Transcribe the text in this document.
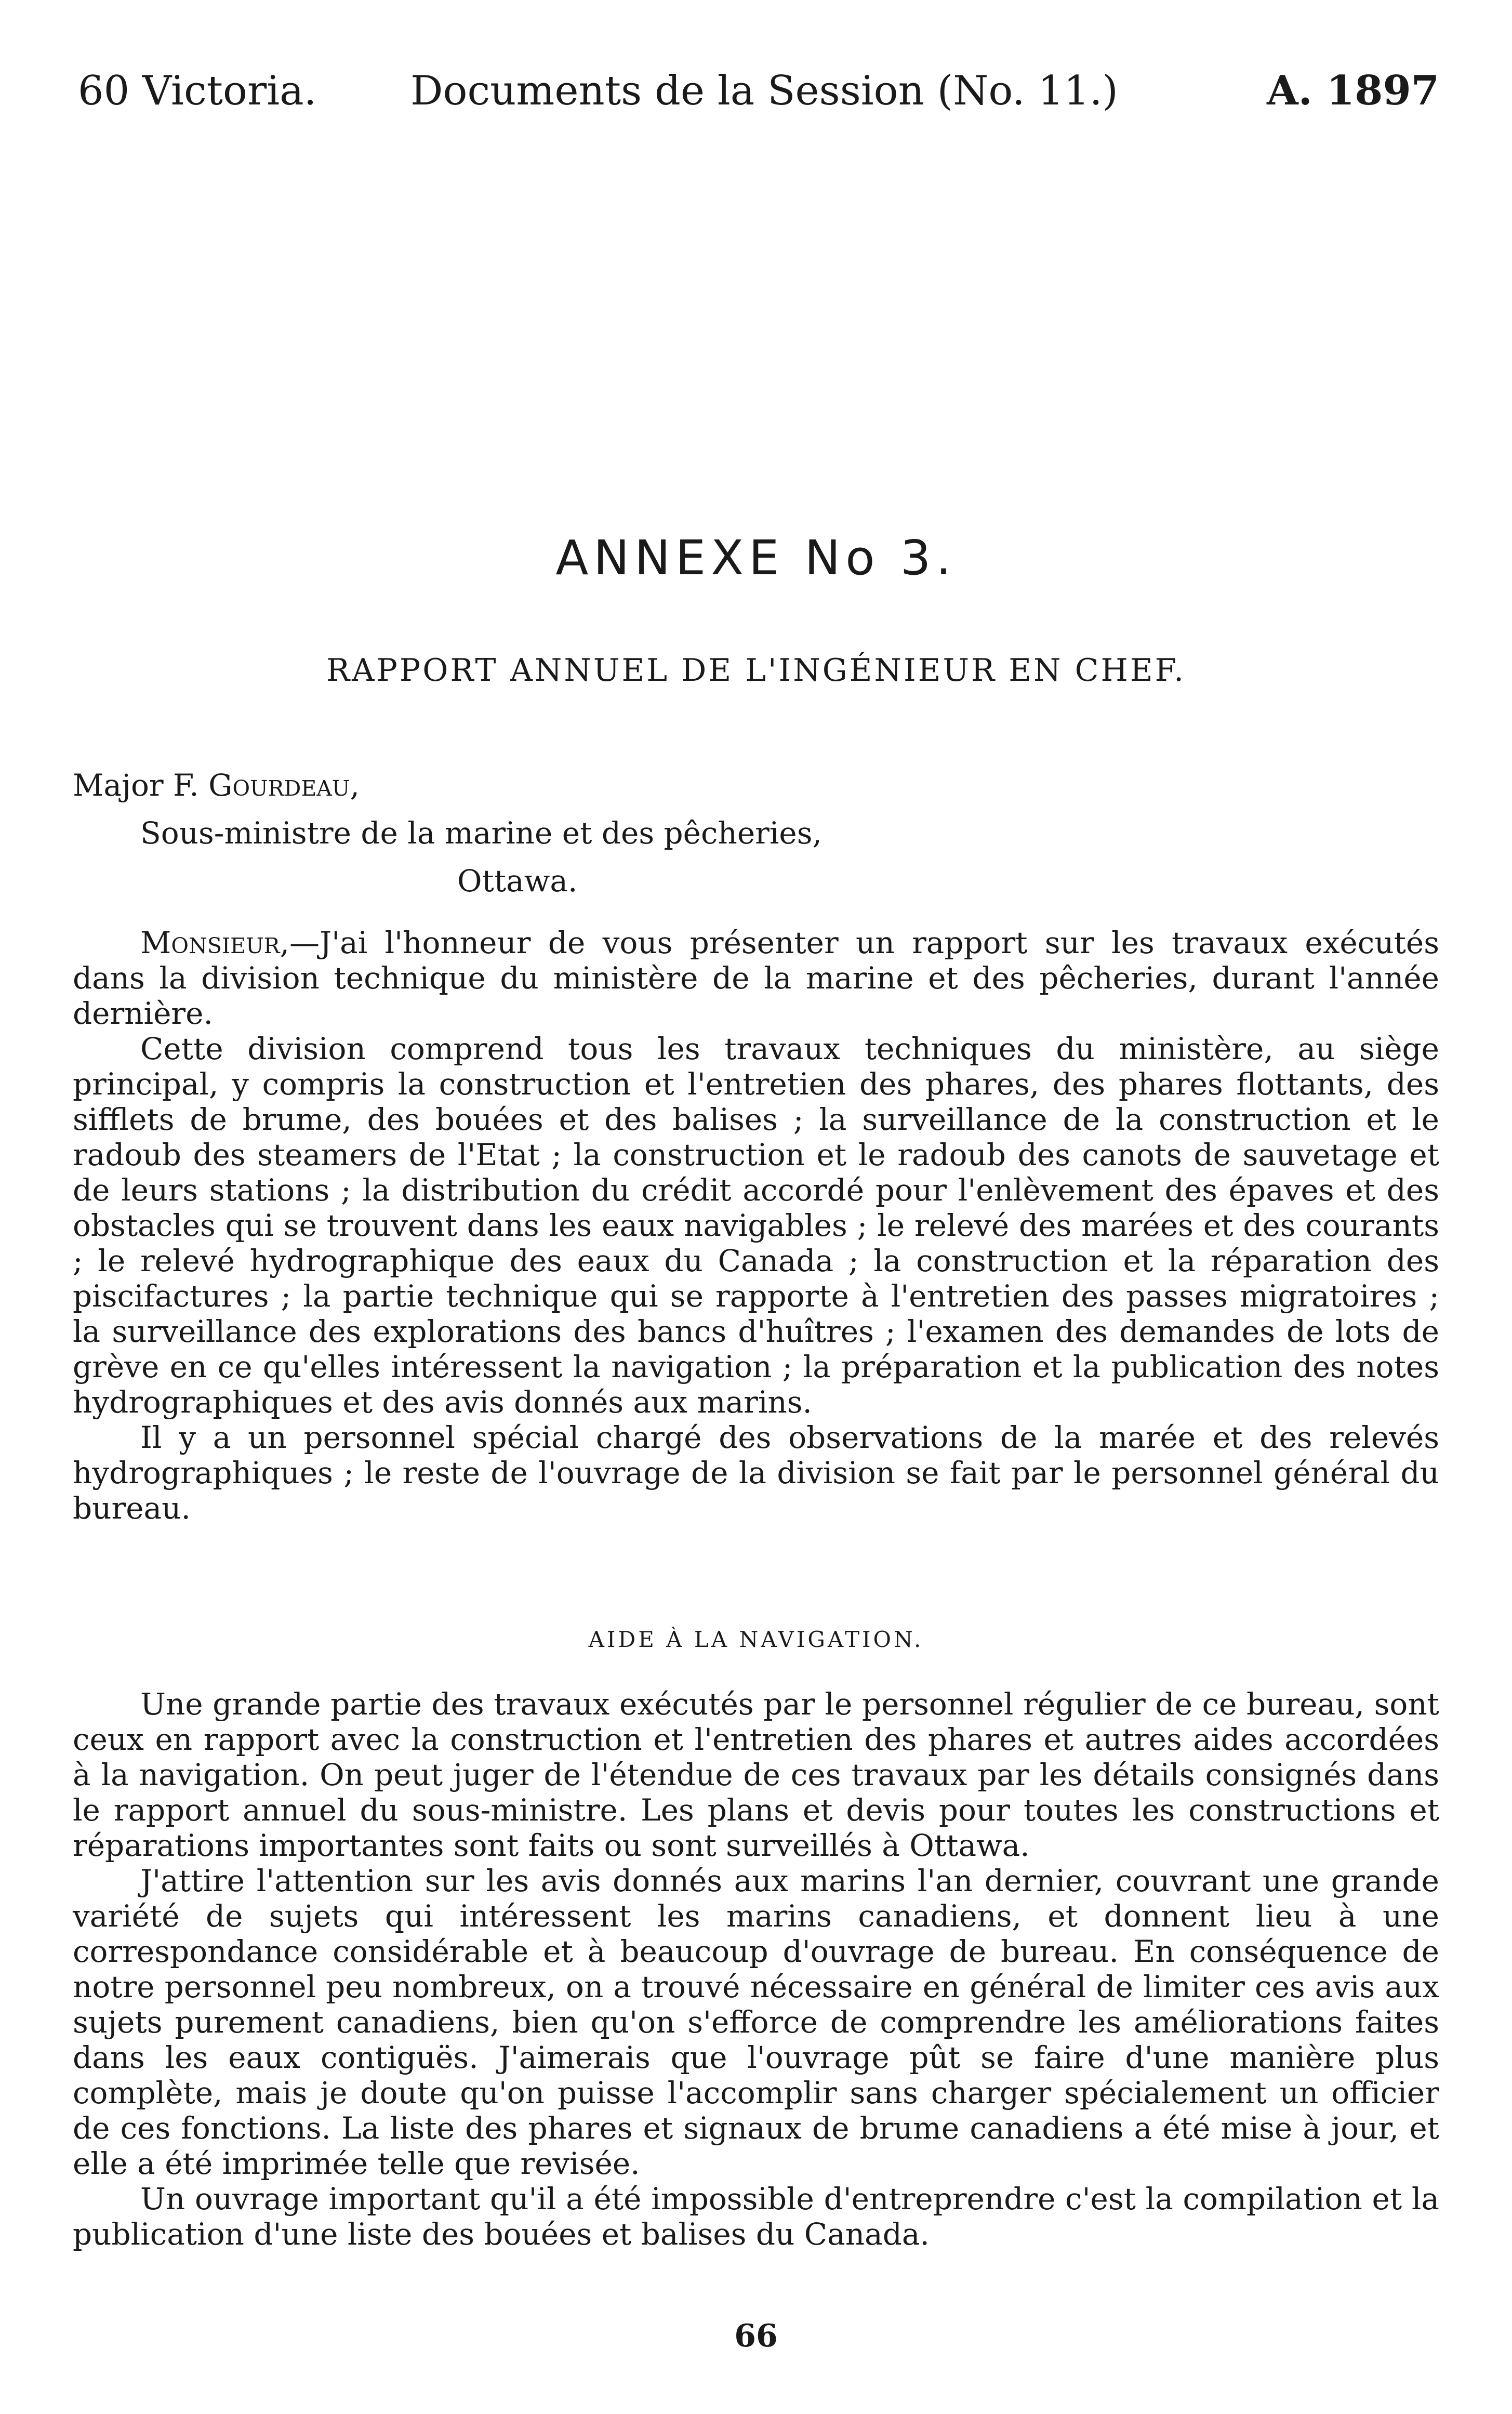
60 Victoria. Documents de la Session (No. 11.)	A. 1897
ANNEXE No 3.
RAPPORT ANNUEL DE L'INGÉNIEUR EN CHEF.
Major F. Gourdeau,
Sous-ministre de la marine et des pêcheries,
Ottawa.

Monsieur,—J'ai l'honneur de vous présenter un rapport sur les travaux exécutés dans la division technique du ministère de la marine et des pêcheries, durant l'année dernière.

Cette division comprend tous les travaux techniques du ministère, au siège principal, y compris la construction et l'entretien des phares, des phares flottants, des sifflets de brume, des bouées et des balises ; la surveillance de la construction et le radoub des steamers de l'Etat ; la construction et le radoub des canots de sauvetage et de leurs stations ; la distribution du crédit accordé pour l'enlèvement des épaves et des obstacles qui se trouvent dans les eaux navigables ; le relevé des marées et des courants ; le relevé hydrographique des eaux du Canada ; la construction et la réparation des piscifactures ; la partie technique qui se rapporte à l'entretien des passes migratoires ; la surveillance des explorations des bancs d'huîtres ; l'examen des demandes de lots de grève en ce qu'elles intéressent la navigation ; la préparation et la publication des notes hydrographiques et des avis donnés aux marins.

Il y a un personnel spécial chargé des observations de la marée et des relevés hydrographiques ; le reste de l'ouvrage de la division se fait par le personnel général du bureau.

AIDE À LA NAVIGATION.

Une grande partie des travaux exécutés par le personnel régulier de ce bureau, sont ceux en rapport avec la construction et l'entretien des phares et autres aides accordées à la navigation. On peut juger de l'étendue de ces travaux par les détails consignés dans le rapport annuel du sous-ministre. Les plans et devis pour toutes les constructions et réparations importantes sont faits ou sont surveillés à Ottawa.

J'attire l'attention sur les avis donnés aux marins l'an dernier, couvrant une grande variété de sujets qui intéressent les marins canadiens, et donnent lieu à une correspondance considérable et à beaucoup d'ouvrage de bureau. En conséquence de notre personnel peu nombreux, on a trouvé nécessaire en général de limiter ces avis aux sujets purement canadiens, bien qu'on s'efforce de comprendre les améliorations faites dans les eaux contiguës. J'aimerais que l'ouvrage pût se faire d'une manière plus complète, mais je doute qu'on puisse l'accomplir sans charger spécialement un officier de ces fonctions. La liste des phares et signaux de brume canadiens a été mise à jour, et elle a été imprimée telle que revisée.

Un ouvrage important qu'il a été impossible d'entreprendre c'est la compilation et la publication d'une liste des bouées et balises du Canada.

66
